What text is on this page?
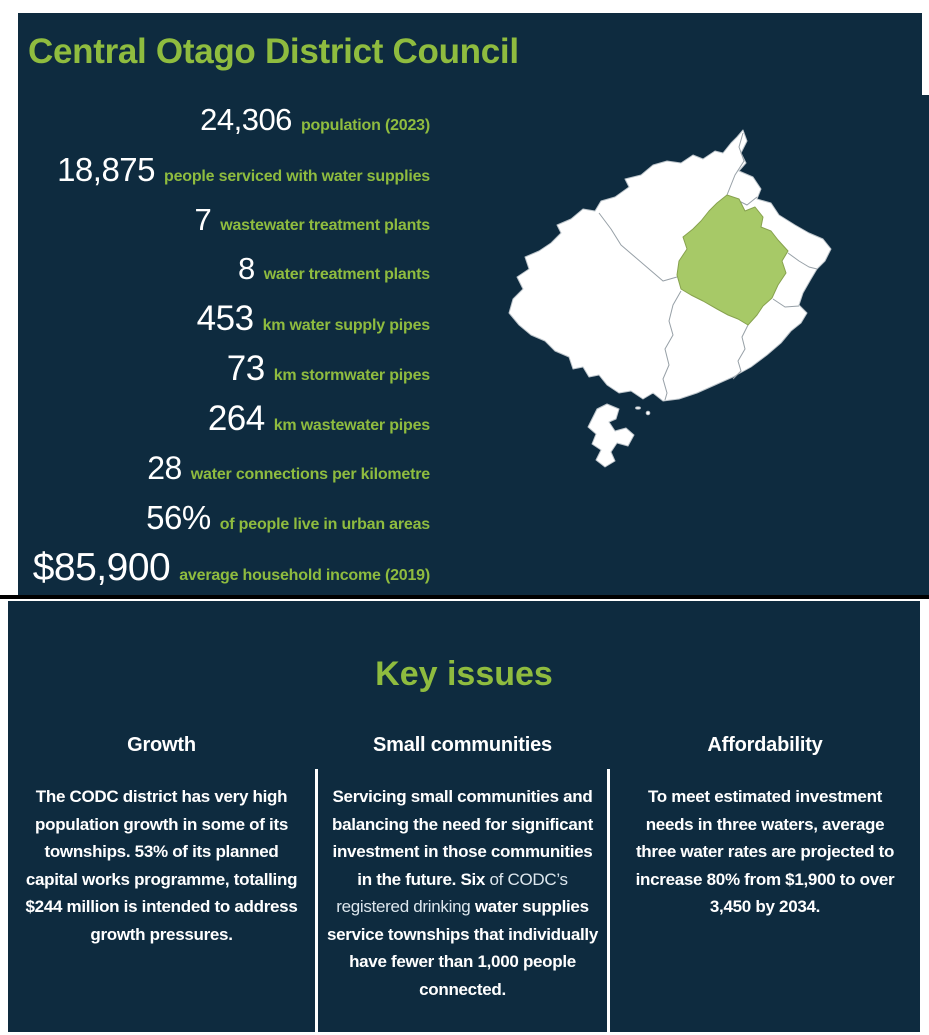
Central Otago District Council
24,306 population (2023)
18,875 people serviced with water supplies
7 wastewater treatment plants
8 water treatment plants
453 km water supply pipes
73 km stormwater pipes
264 km wastewater pipes
28 water connections per kilometre
56% of people live in urban areas
$85,900 average household income (2019)
Key issues
Growth	Small communities	Affordability

The CODC district has very high population growth in some of its townships. 53% of its planned capital works programme, totalling $244 million is intended to address growth pressures.

Servicing small communities and balancing the need for significant investment in those communities in the future. Six of CODC’s registered drinking water supplies service townships that individually have fewer than 1,000 people connected.

To meet estimated investment needs in three waters, average three water rates are projected to increase 80% from $1,900 to over 3,450 by 2034.
